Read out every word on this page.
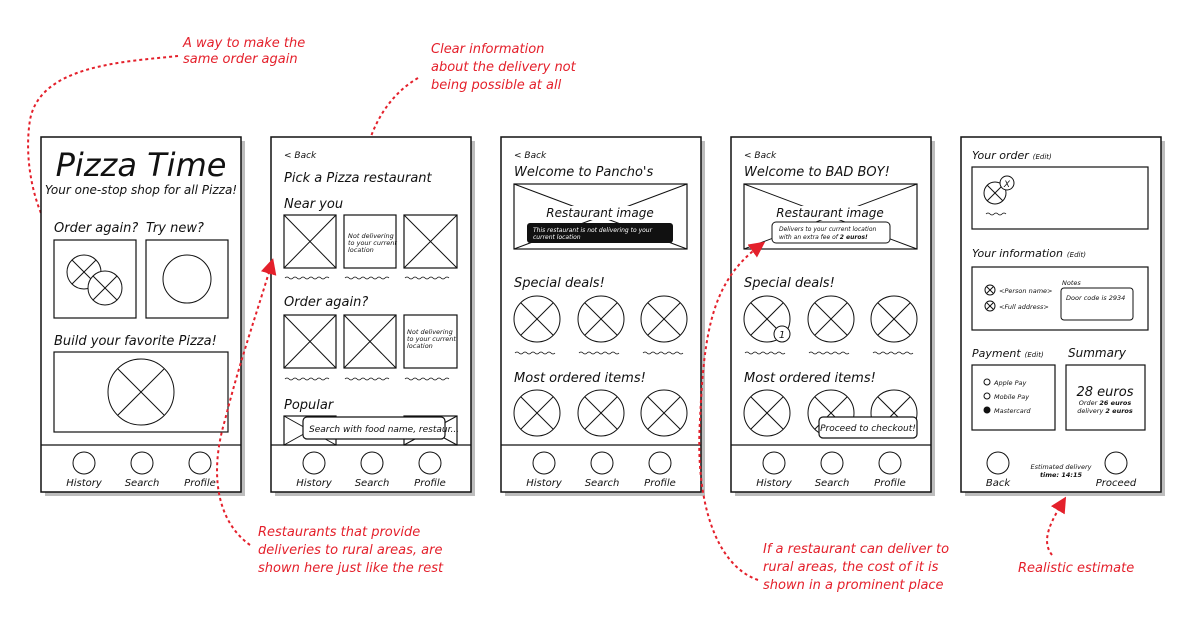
A way to make the
same order again
Clear information
about the delivery not
being possible at all
Pizza Time
Your one-stop shop for all Pizza!
Order again? Try new?
Build your favorite Pizza!
History Search Profile
< Back
Pick a Pizza restaurant
Near you
Not delivering
to your current
location
Order again?
Not delivering
to your current
location
Popular
Search with food name, restaur...
History Search Profile
< Back
Welcome to Pancho's
Restaurant image
This restaurant is not delivering to your
current location
Special deals!
Most ordered items!
History Search Profile
< Back
Welcome to BAD BOY!
Restaurant image
Delivers to your current location
with an extra fee of 2 euros!
Special deals!
1
Most ordered items!
Proceed to checkout!
History Search Profile
Your order (Edit)
X
Your information (Edit)
<Person name>
<Full address>
Notes
Door code is 2934
Payment (Edit) Summary
Apple Pay
Mobile Pay
Mastercard
28 euros
Order 26 euros
delivery 2 euros
Back
Estimated delivery
time: 14:15
Proceed
Restaurants that provide
deliveries to rural areas, are
shown here just like the rest
If a restaurant can deliver to
rural areas, the cost of it is
shown in a prominent place
Realistic estimate
